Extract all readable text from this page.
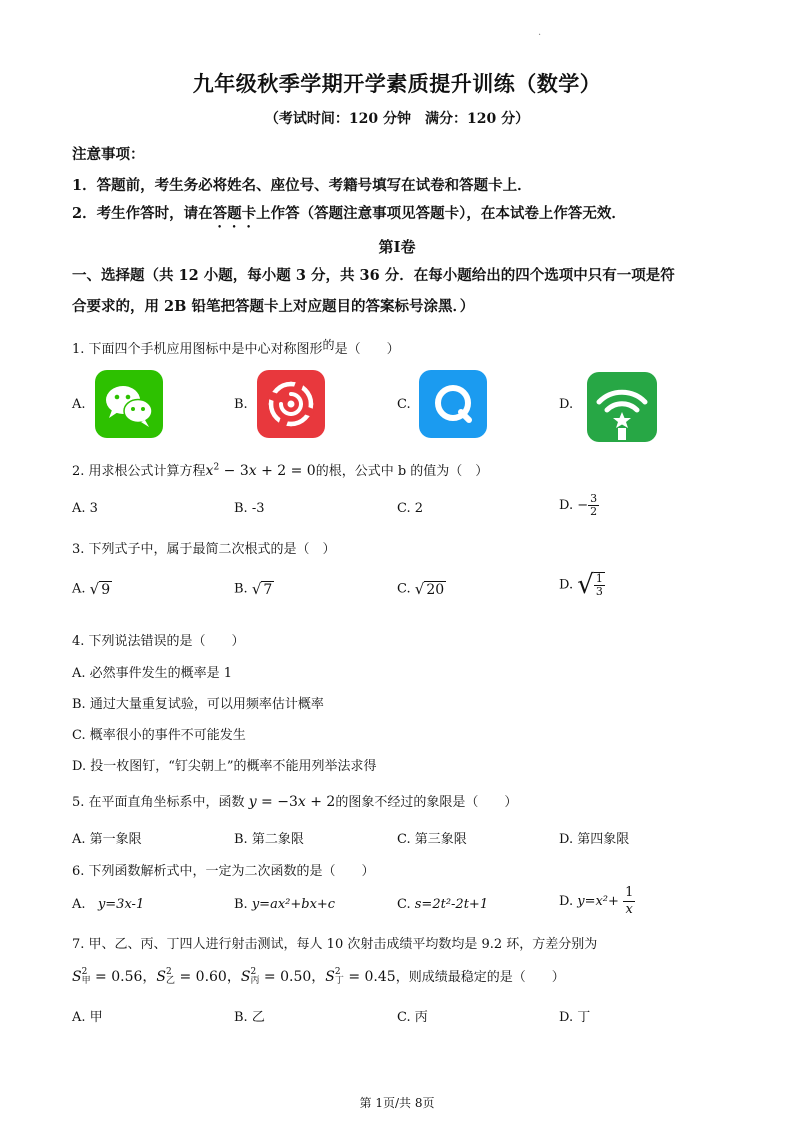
·
九年级秋季学期开学素质提升训练（数学）
（考试时间：120 分钟　满分：120 分）
注意事项：
1．答题前，考生务必将姓名、座位号、考籍号填写在试卷和答题卡上．
2．考生作答时，请在答题卡上作答（答题注意事项见答题卡），在本试卷上作答无效．
第Ⅰ卷
一、选择题（共 12 小题，每小题 3 分，共 36 分．在每小题给出的四个选项中只有一项是符
合要求的，用 2B 铅笔把答题卡上对应题目的答案标号涂黑．）
1. 下面四个手机应用图标中是中心对称图形的是（　　）
A.	B.	C.	D.
2. 用求根公式计算方程$x^2 - 3x + 2 = 0$的根，公式中 b 的值为（　）
A. 3	B. -3	C. 2	D. − $\frac{3}{2}$
3. 下列式子中，属于最简二次根式的是（　）
A. √ 9	B. √ 7	C. √ 20	D. √ $\frac{1}{3}$
4. 下列说法错误的是（　　）
A. 必然事件发生的概率是 1
B. 通过大量重复试验，可以用频率估计概率
C. 概率很小的事件不可能发生
D. 投一枚图钉，“钉尖朝上”的概率不能用列举法求得
5. 在平面直角坐标系中，函数 y = −3x + 2的图象不经过的象限是（　　）
A. 第一象限	B. 第二象限	C. 第三象限	D. 第四象限
6. 下列函数解析式中，一定为二次函数的是（　　）
A. y=3x-1	B. y=ax²+bx+c	C. s=2t²-2t+1	D. $y=x^2+ \frac{1}{x}$
7. 甲、乙、丙、丁四人进行射击测试，每人 10 次射击成绩平均数均是 9.2 环，方差分别为
S 2
甲 = 0.56，S 2
乙 = 0.60，S 2
丙 = 0.50，S 2
丁 = 0.45，则成绩最稳定的是（　　）
A. 甲	B. 乙	C. 丙	D. 丁
第 1页/共 8页
